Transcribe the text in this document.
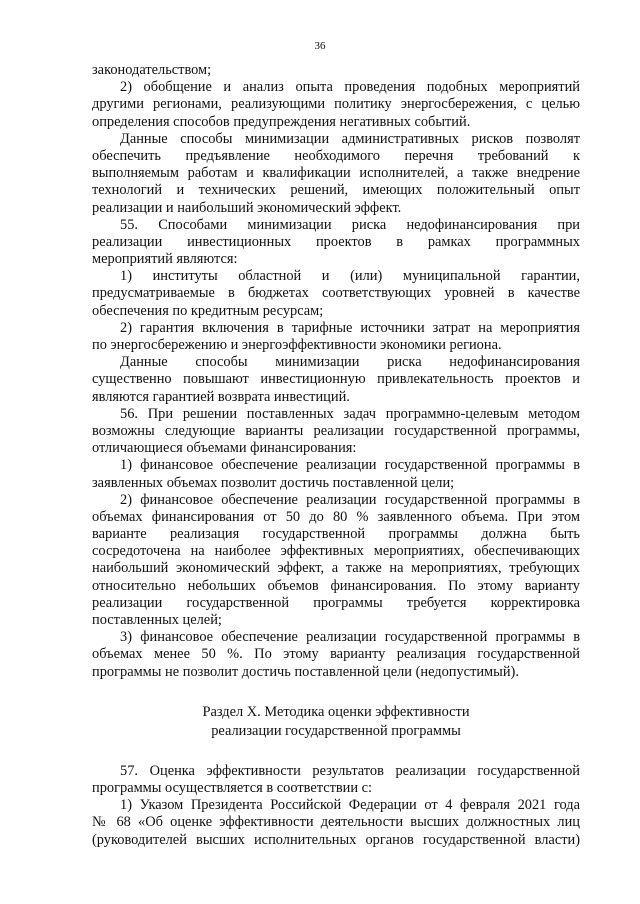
36
законодательством;
2) обобщение и анализ опыта проведения подобных мероприятий
другими регионами, реализующими политику энергосбережения, с целью
определения способов предупреждения негативных событий.
Данные способы минимизации административных рисков позволят
обеспечить предъявление необходимого перечня требований к
выполняемым работам и квалификации исполнителей, а также внедрение
технологий и технических решений, имеющих положительный опыт
реализации и наибольший экономический эффект.
55. Способами минимизации риска недофинансирования при
реализации инвестиционных проектов в рамках программных
мероприятий являются:
1) институты областной и (или) муниципальной гарантии,
предусматриваемые в бюджетах соответствующих уровней в качестве
обеспечения по кредитным ресурсам;
2) гарантия включения в тарифные источники затрат на мероприятия
по энергосбережению и энергоэффективности экономики региона.
Данные способы минимизации риска недофинансирования
существенно повышают инвестиционную привлекательность проектов и
являются гарантией возврата инвестиций.
56. При решении поставленных задач программно-целевым методом
возможны следующие варианты реализации государственной программы,
отличающиеся объемами финансирования:
1) финансовое обеспечение реализации государственной программы в
заявленных объемах позволит достичь поставленной цели;
2) финансовое обеспечение реализации государственной программы в
объемах финансирования от 50 до 80 % заявленного объема. При этом
варианте реализация государственной программы должна быть
сосредоточена на наиболее эффективных мероприятиях, обеспечивающих
наибольший экономический эффект, а также на мероприятиях, требующих
относительно небольших объемов финансирования. По этому варианту
реализации государственной программы требуется корректировка
поставленных целей;
3) финансовое обеспечение реализации государственной программы в
объемах менее 50 %. По этому варианту реализация государственной
программы не позволит достичь поставленной цели (недопустимый).
Раздел X. Методика оценки эффективности
реализации государственной программы
57. Оценка эффективности результатов реализации государственной
программы осуществляется в соответствии с:
1) Указом Президента Российской Федерации от 4 февраля 2021 года
№ 68 «Об оценке эффективности деятельности высших должностных лиц
(руководителей высших исполнительных органов государственной власти)
